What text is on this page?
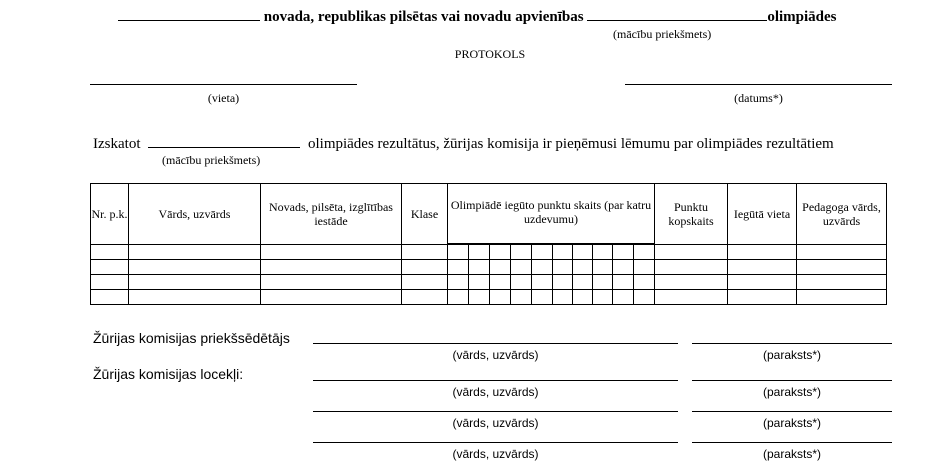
novada, republikas pilsētas vai novadu apvienības	olimpiādes
(mācību priekšmets)
PROTOKOLS
(vieta)	(datums*)
Izskatot	olimpiādes rezultātus, žūrijas komisija ir pieņēmusi lēmumu par olimpiādes rezultātiem
(mācību priekšmets)
Nr. p.k.	Vārds, uzvārds	Novads, pilsēta, izglītības iestāde	Klase	Olimpiādē iegūto punktu skaits (par katru uzdevumu)										Punktu kopskaits	Iegūtā vieta	Pedagoga vārds, uzvārds

Žūrijas komisijas priekšsēdētājs
(vārds, uzvārds)	(paraksts*)
Žūrijas komisijas locekļi:
(vārds, uzvārds)	(paraksts*)
(vārds, uzvārds)	(paraksts*)
(vārds, uzvārds)	(paraksts*)
